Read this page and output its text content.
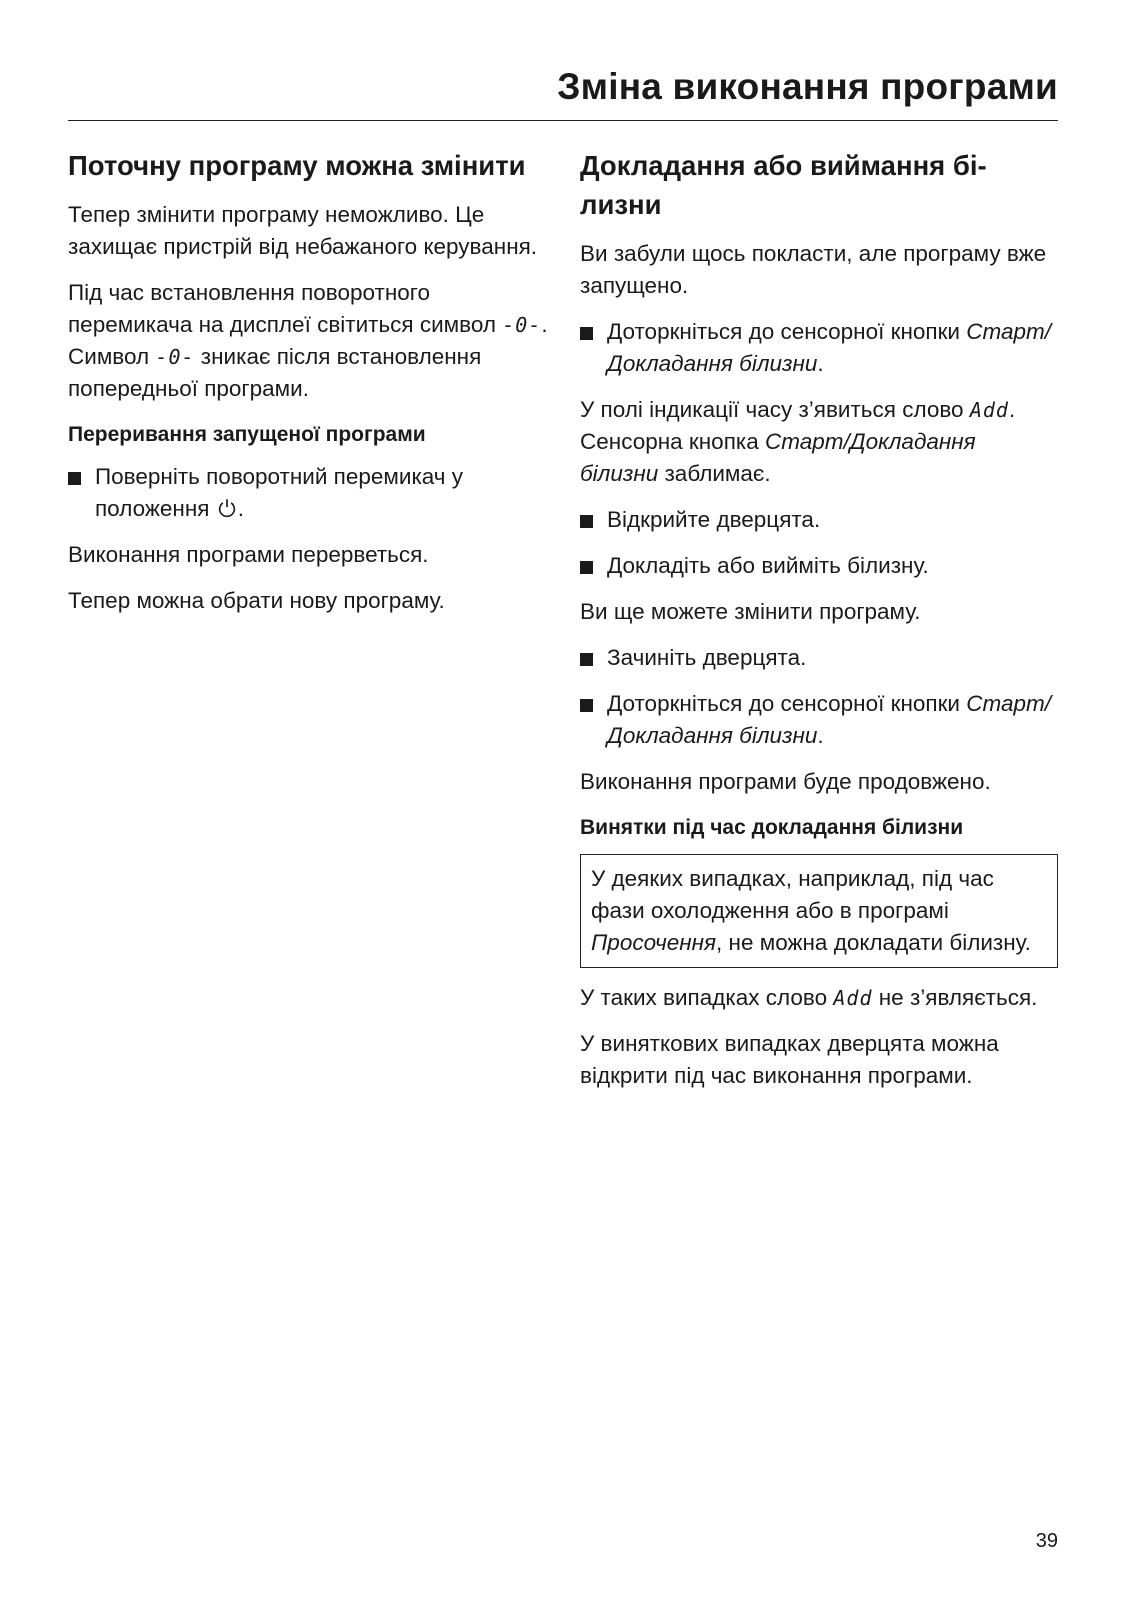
Зміна виконання програми
Поточну програму можна змінити

Тепер змінити програму неможливо. Це захищає пристрій від небажаного керування.

Під час встановлення поворотного перемикача на дисплеї світиться символ -0-. Символ -0- зникає після встановлення попередньої програми.

Переривання запущеної програми
Поверніть поворотний перемикач у положення .

Виконання програми перерветься.

Тепер можна обрати нову програму.

Докладання або виймання білизни

Ви забули щось покласти, але програму вже запущено.

Доторкніться до сенсорної кнопки Старт/Докладання білизни.

У полі індикації часу з’явиться слово Add. Сенсорна кнопка Старт/Докладання білизни заблимає.

Відкрийте дверцята.
Докладіть або вийміть білизну.

Ви ще можете змінити програму.

Зачиніть дверцята.
Доторкніться до сенсорної кнопки Старт/Докладання білизни.

Виконання програми буде продовжено.

Винятки під час докладання білизни

У деяких випадках, наприклад, під час фази охолодження або в програмі Просочення, не можна докладати білизну.

У таких випадках слово Add не з’являється.

У виняткових випадках дверцята можна відкрити під час виконання програми.

39
